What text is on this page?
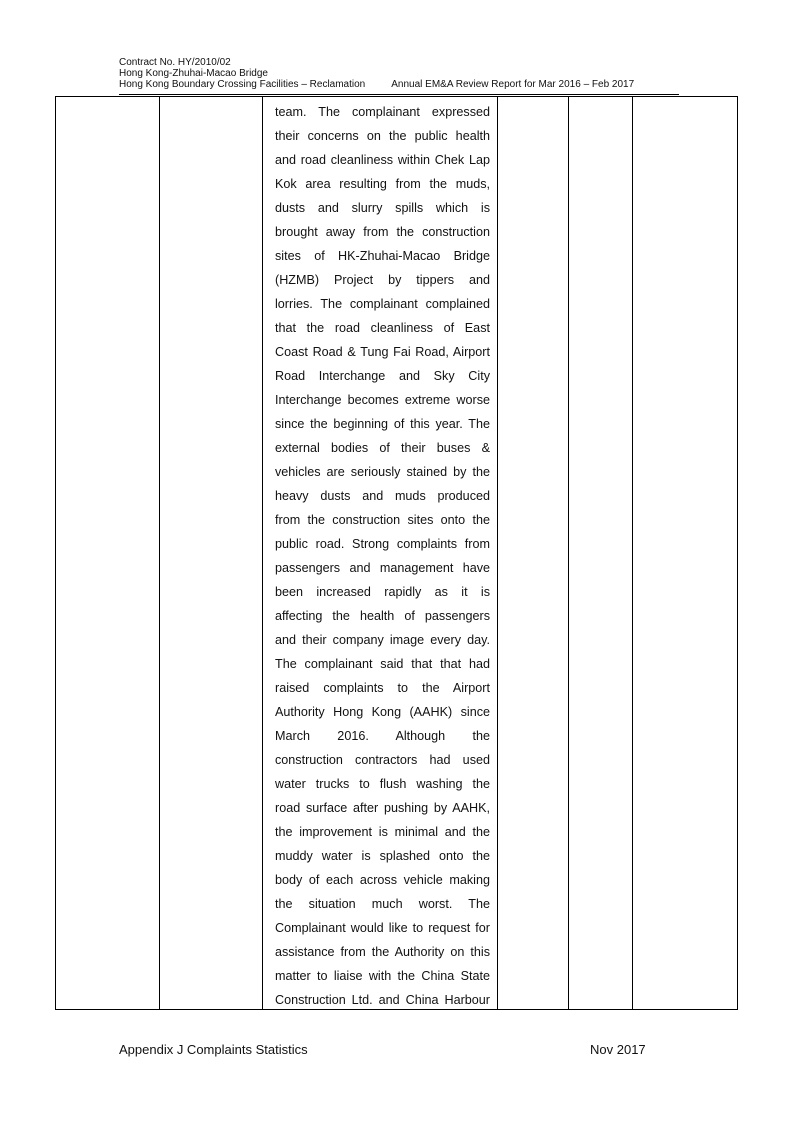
Contract No. HY/2010/02
Hong Kong-Zhuhai-Macao Bridge
Hong Kong Boundary Crossing Facilities – Reclamation	Annual EM&A Review Report for Mar 2016 – Feb 2017
team. The complainant expressed
their concerns on the public health
and road cleanliness within Chek Lap
Kok area resulting from the muds,
dusts and slurry spills which is
brought away from the construction
sites of HK-Zhuhai-Macao Bridge
(HZMB) Project by tippers and
lorries. The complainant complained
that the road cleanliness of East
Coast Road & Tung Fai Road, Airport
Road Interchange and Sky City
Interchange becomes extreme worse
since the beginning of this year. The
external bodies of their buses &
vehicles are seriously stained by the
heavy dusts and muds produced
from the construction sites onto the
public road. Strong complaints from
passengers and management have
been increased rapidly as it is
affecting the health of passengers
and their company image every day.
The complainant said that that had
raised complaints to the Airport
Authority Hong Kong (AAHK) since
March 2016. Although the
construction contractors had used
water trucks to flush washing the
road surface after pushing by AAHK,
the improvement is minimal and the
muddy water is splashed onto the
body of each across vehicle making
the situation much worst. The
Complainant would like to request for
assistance from the Authority on this
matter to liaise with the China State
Construction Ltd. and China Harbour
Appendix J Complaints Statistics	Nov 2017
